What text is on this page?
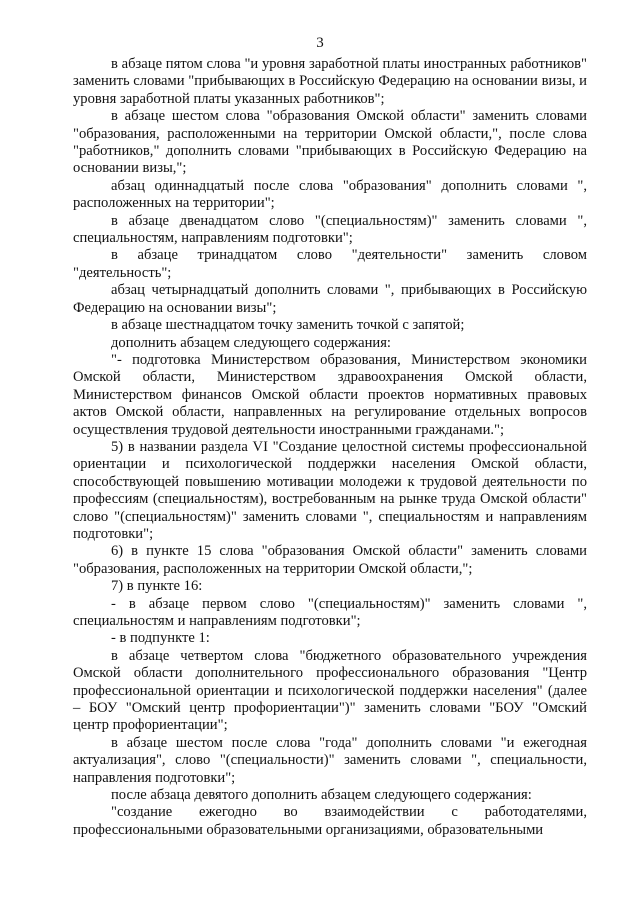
3

в абзаце пятом слова "и уровня заработной платы иностранных работников" заменить словами "прибывающих в Российскую Федерацию на основании визы, и уровня заработной платы указанных работников";

в абзаце шестом слова "образования Омской области" заменить словами "образования, расположенными на территории Омской области,", после слова "работников," дополнить словами "прибывающих в Российскую Федерацию на основании визы,";

абзац одиннадцатый после слова "образования" дополнить словами ", расположенных на территории";

в абзаце двенадцатом слово "(специальностям)" заменить словами ", специальностям, направлениям подготовки";

в абзаце тринадцатом слово "деятельности" заменить словом "деятельность";

абзац четырнадцатый дополнить словами ", прибывающих в Российскую Федерацию на основании визы";

в абзаце шестнадцатом точку заменить точкой с запятой;

дополнить абзацем следующего содержания:

"- подготовка Министерством образования, Министерством экономики Омской области, Министерством здравоохранения Омской области, Министерством финансов Омской области проектов нормативных правовых актов Омской области, направленных на регулирование отдельных вопросов осуществления трудовой деятельности иностранными гражданами.";

5) в названии раздела VI "Создание целостной системы профессиональной ориентации и психологической поддержки населения Омской области, способствующей повышению мотивации молодежи к трудовой деятельности по профессиям (специальностям), востребованным на рынке труда Омской области" слово "(специальностям)" заменить словами ", специальностям и направлениям подготовки";

6) в пункте 15 слова "образования Омской области" заменить словами "образования, расположенных на территории Омской области,";

7) в пункте 16:

- в абзаце первом слово "(специальностям)" заменить словами ", специальностям и направлениям подготовки";

- в подпункте 1:

в абзаце четвертом слова "бюджетного образовательного учреждения Омской области дополнительного профессионального образования "Центр профессиональной ориентации и психологической поддержки населения" (далее – БОУ "Омский центр профориентации")" заменить словами "БОУ "Омский центр профориентации";

в абзаце шестом после слова "года" дополнить словами "и ежегодная актуализация", слово "(специальности)" заменить словами ", специальности, направления подготовки";

после абзаца девятого дополнить абзацем следующего содержания:

"создание ежегодно во взаимодействии с работодателями, профессиональными образовательными организациями, образовательными
